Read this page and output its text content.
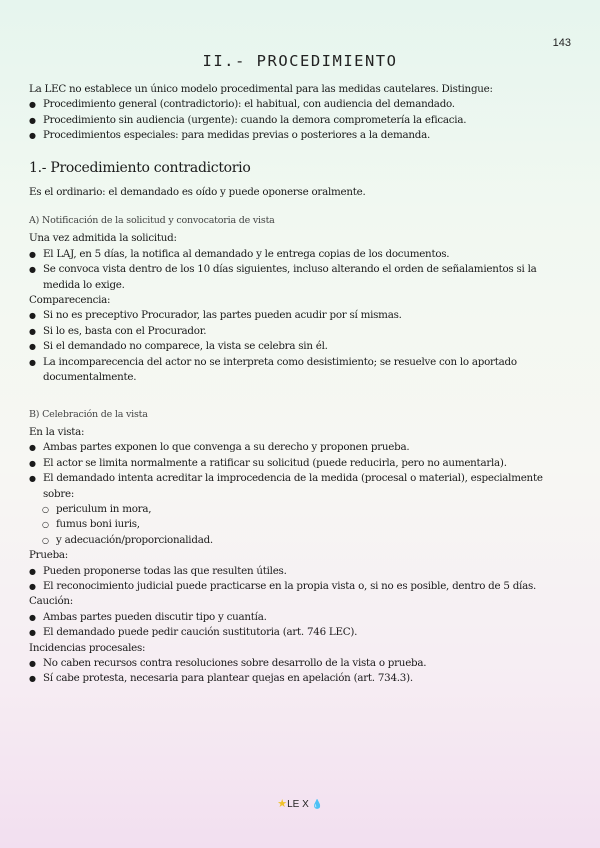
143
II.- PROCEDIMIENTO

La LEC no establece un único modelo procedimental para las medidas cautelares. Distingue:

● Procedimiento general (contradictorio): el habitual, con audiencia del demandado.
● Procedimiento sin audiencia (urgente): cuando la demora comprometería la eficacia.
● Procedimientos especiales: para medidas previas o posteriores a la demanda.
1.- Procedimiento contradictorio

Es el ordinario: el demandado es oído y puede oponerse oralmente.

A) Notificación de la solicitud y convocatoria de vista

Una vez admitida la solicitud:

● El LAJ, en 5 días, la notifica al demandado y le entrega copias de los documentos.
● Se convoca vista dentro de los 10 días siguientes, incluso alterando el orden de señalamientos si la medida lo exige.

Comparecencia:

● Si no es preceptivo Procurador, las partes pueden acudir por sí mismas.
● Si lo es, basta con el Procurador.
● Si el demandado no comparece, la vista se celebra sin él.
● La incomparecencia del actor no se interpreta como desistimiento; se resuelve con lo aportado documentalmente.
B) Celebración de la vista

En la vista:

● Ambas partes exponen lo que convenga a su derecho y proponen prueba.
● El actor se limita normalmente a ratificar su solicitud (puede reducirla, pero no aumentarla).
● El demandado intenta acreditar la improcedencia de la medida (procesal o material), especialmente sobre:
○ periculum in mora,
○ fumus boni iuris,
○ y adecuación/proporcionalidad.

Prueba:

● Pueden proponerse todas las que resulten útiles.
● El reconocimiento judicial puede practicarse en la propia vista o, si no es posible, dentro de 5 días.

Caución:

● Ambas partes pueden discutir tipo y cuantía.
● El demandado puede pedir caución sustitutoria (art. 746 LEC).

Incidencias procesales:

● No caben recursos contra resoluciones sobre desarrollo de la vista o prueba.
● Sí cabe protesta, necesaria para plantear quejas en apelación (art. 734.3).
★LE X 💧
